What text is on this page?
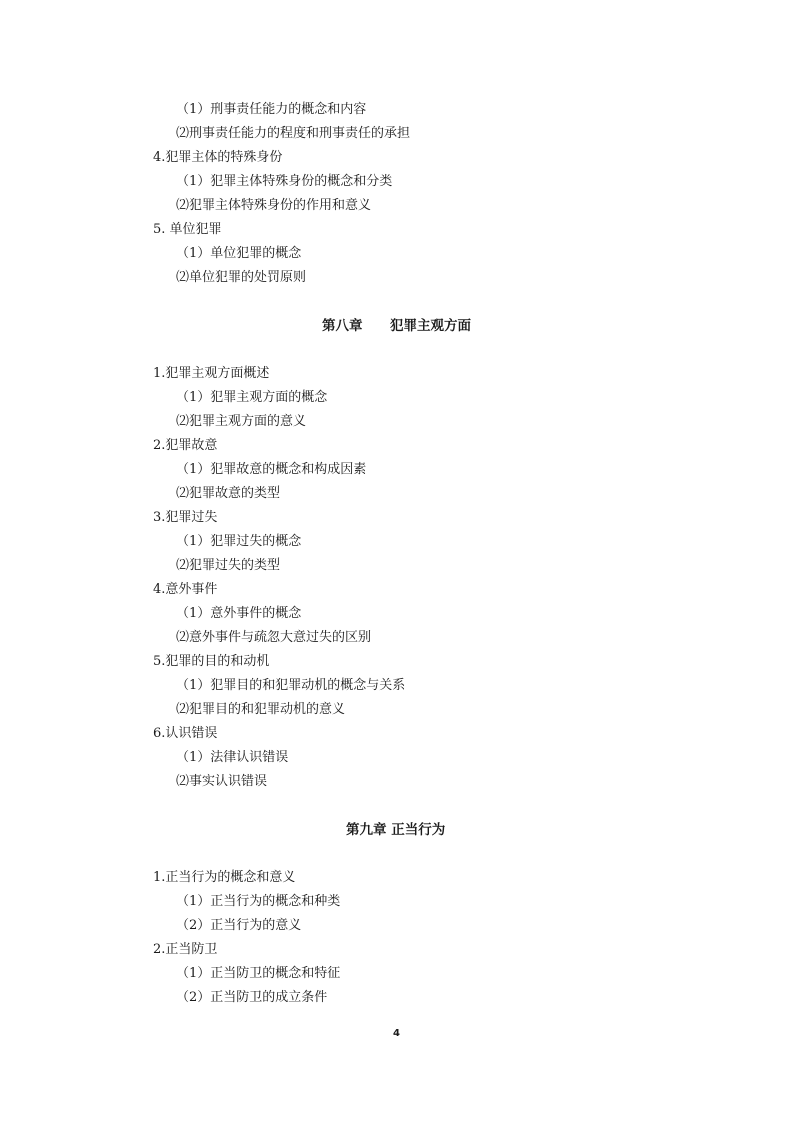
（1）刑事责任能力的概念和内容
⑵刑事责任能力的程度和刑事责任的承担
4.犯罪主体的特殊身份
（1）犯罪主体特殊身份的概念和分类
⑵犯罪主体特殊身份的作用和意义
5. 单位犯罪
（1）单位犯罪的概念
⑵单位犯罪的处罚原则
第八章 犯罪主观方面
1.犯罪主观方面概述
（1）犯罪主观方面的概念
⑵犯罪主观方面的意义
2.犯罪故意
（1）犯罪故意的概念和构成因素
⑵犯罪故意的类型
3.犯罪过失
（1）犯罪过失的概念
⑵犯罪过失的类型
4.意外事件
（1）意外事件的概念
⑵意外事件与疏忽大意过失的区别
5.犯罪的目的和动机
（1）犯罪目的和犯罪动机的概念与关系
⑵犯罪目的和犯罪动机的意义
6.认识错误
（1）法律认识错误
⑵事实认识错误
第九章 正当行为
1.正当行为的概念和意义
（1）正当行为的概念和种类
（2）正当行为的意义
2.正当防卫
（1）正当防卫的概念和特征
（2）正当防卫的成立条件
4
